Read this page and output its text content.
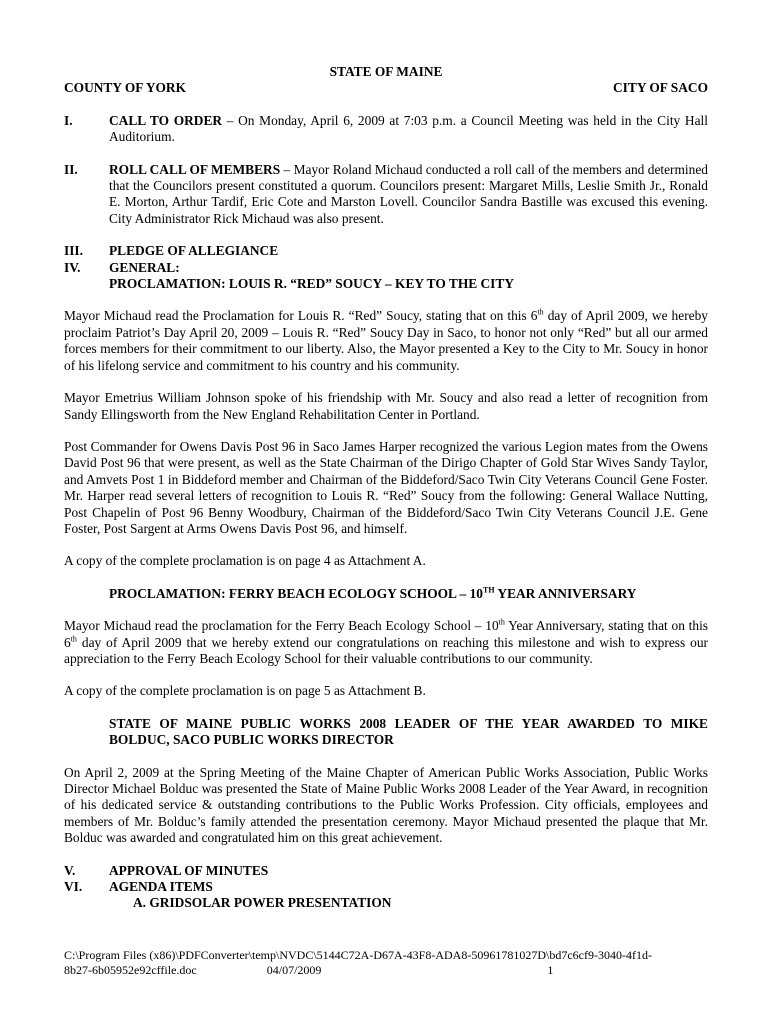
STATE OF MAINE
COUNTY OF YORK	CITY OF SACO
I.	CALL TO ORDER – On Monday, April 6, 2009 at 7:03 p.m. a Council Meeting was held in the City Hall Auditorium.

II.	ROLL CALL OF MEMBERS – Mayor Roland Michaud conducted a roll call of the members and determined that the Councilors present constituted a quorum. Councilors present: Margaret Mills, Leslie Smith Jr., Ronald E. Morton, Arthur Tardif, Eric Cote and Marston Lovell. Councilor Sandra Bastille was excused this evening. City Administrator Rick Michaud was also present.

III.	PLEDGE OF ALLEGIANCE
IV.	GENERAL:
PROCLAMATION: LOUIS R. “RED” SOUCY – KEY TO THE CITY

Mayor Michaud read the Proclamation for Louis R. “Red” Soucy, stating that on this 6th day of April 2009, we hereby proclaim Patriot’s Day April 20, 2009 – Louis R. “Red” Soucy Day in Saco, to honor not only “Red” but all our armed forces members for their commitment to our liberty. Also, the Mayor presented a Key to the City to Mr. Soucy in honor of his lifelong service and commitment to his country and his community.

Mayor Emetrius William Johnson spoke of his friendship with Mr. Soucy and also read a letter of recognition from Sandy Ellingsworth from the New England Rehabilitation Center in Portland.

Post Commander for Owens Davis Post 96 in Saco James Harper recognized the various Legion mates from the Owens David Post 96 that were present, as well as the State Chairman of the Dirigo Chapter of Gold Star Wives Sandy Taylor, and Amvets Post 1 in Biddeford member and Chairman of the Biddeford/Saco Twin City Veterans Council Gene Foster. Mr. Harper read several letters of recognition to Louis R. “Red” Soucy from the following: General Wallace Nutting, Post Chapelin of Post 96 Benny Woodbury, Chairman of the Biddeford/Saco Twin City Veterans Council J.E. Gene Foster, Post Sargent at Arms Owens Davis Post 96, and himself.

A copy of the complete proclamation is on page 4 as Attachment A.

PROCLAMATION: FERRY BEACH ECOLOGY SCHOOL – 10TH YEAR ANNIVERSARY

Mayor Michaud read the proclamation for the Ferry Beach Ecology School – 10th Year Anniversary, stating that on this 6th day of April 2009 that we hereby extend our congratulations on reaching this milestone and wish to express our appreciation to the Ferry Beach Ecology School for their valuable contributions to our community.

A copy of the complete proclamation is on page 5 as Attachment B.

STATE OF MAINE PUBLIC WORKS 2008 LEADER OF THE YEAR AWARDED TO MIKE BOLDUC, SACO PUBLIC WORKS DIRECTOR

On April 2, 2009 at the Spring Meeting of the Maine Chapter of American Public Works Association, Public Works Director Michael Bolduc was presented the State of Maine Public Works 2008 Leader of the Year Award, in recognition of his dedicated service & outstanding contributions to the Public Works Profession. City officials, employees and members of Mr. Bolduc’s family attended the presentation ceremony. Mayor Michaud presented the plaque that Mr. Bolduc was awarded and congratulated him on this great achievement.

V.	APPROVAL OF MINUTES
VI.	AGENDA ITEMS
A. GRIDSOLAR POWER PRESENTATION
C:\Program Files (x86)\PDFConverter\temp\NVDC\5144C72A-D67A-43F8-ADA8-50961781027D\bd7c6cf9-3040-4f1d-
8b27-6b05952e92cffile.doc	04/07/2009	1
